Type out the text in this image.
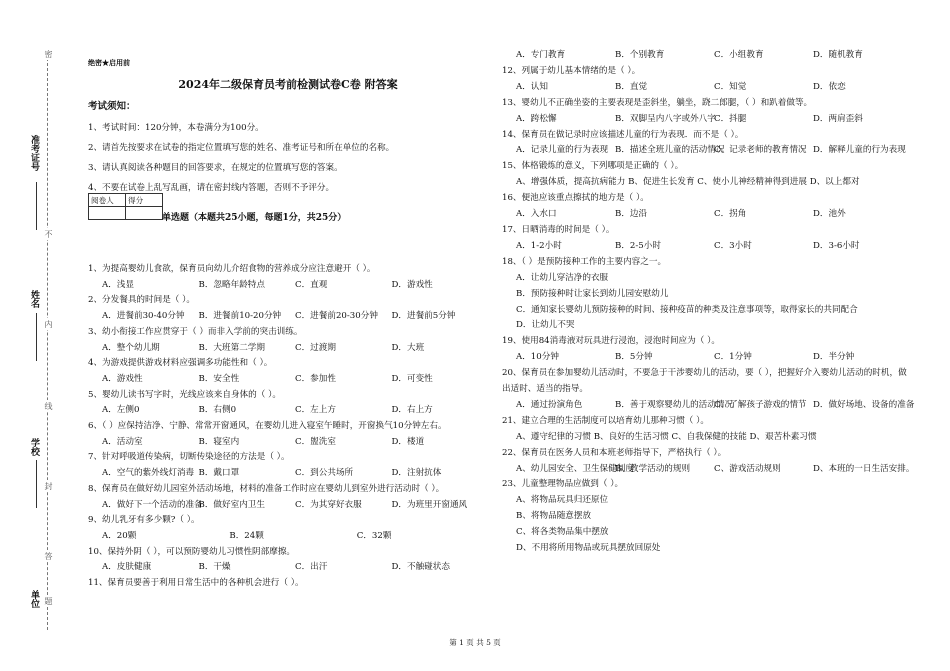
准考证号
姓名
学校
单位
密
不
内
线
封
题
答
绝密★启用前
2024年二级保育员考前检测试卷C卷 附答案
考试须知：
1、考试时间：120分钟，本卷满分为100分。
2、请首先按要求在试卷的指定位置填写您的姓名、准考证号和所在单位的名称。
3、请认真阅读各种题目的回答要求，在规定的位置填写您的答案。
4、不要在试卷上乱写乱画，请在密封线内答题，否则不予评分。
阅卷人	得分

单选题（本题共25小题，每题1分，共25分）
1、为提高婴幼儿食欲，保育员向幼儿介绍食物的营养成分应注意避开（ ）。
A．浅显	B．忽略年龄特点	C．直观	D．游戏性
2、分发餐具的时间是（ ）。
A．进餐前30-40分钟 B．进餐前10-20分钟 C．进餐前20-30分钟 D．进餐前5分钟
3、幼小衔接工作应贯穿于（ ）而非入学前的突击训练。
A．整个幼儿期	B．大班第二学期	C．过渡期	D．大班
4、为游戏提供游戏材料应强调多功能性和（ ）。
A．游戏性	B．安全性	C．参加性	D．可变性
5、婴幼儿读书写字时，光线应该来自身体的（ ）。
A．左侧0	B．右侧0	C．左上方	D．右上方
6、（ ）应保持洁净、宁静、常常开窗通风，在婴幼儿进入寝室午睡时，开窗换气10分钟左右。
A．活动室	B．寝室内	C．盥洗室	D．楼道
7、针对呼吸道传染病，切断传染途径的方法是（ ）。
A．空气的紫外线灯消毒 B．戴口罩	C．到公共场所	D．注射抗体
8、保育员在做好幼儿园室外活动场地，材料的准备工作时应在婴幼儿到室外进行活动时（ ）。
A．做好下一个活动的准备B．做好室内卫生	C．为其穿好衣服	D．为班里开窗通风
9、幼儿乳牙有多少颗?（ ）。
A．20颗	B．24颗	C．32颗
10、保持外阴（ ），可以预防婴幼儿习惯性阴部摩擦。
A．皮肤健康	B．干燥	C．出汗	D．不触碰状态
11、保育员要善于利用日常生活中的各种机会进行（ ）。
A．专门教育	B．个别教育	C．小组教育	D．随机教育
12、列属于幼儿基本情绪的是（ ）。
A．认知	B．直觉	C．知觉	D．依恋
13、婴幼儿不正确坐姿的主要表现是歪斜坐，躺坐，跷二郎腿，（ ）和趴着做等。
A．跨松懈	B．双脚呈内八字或外八字C．抖腿	D．两肩歪斜
14、保育员在做记录时应该描述儿童的行为表现．而不是（ ）。
A．记录儿童的行为表现 B．描述全班儿童的活动情况C．记录老师的教育情况 D．解释儿童的行为表现
15、体格锻炼的意义，下列哪项是正确的（ ）。
A、增强体质，提高抗病能力 B、促进生长发育 C、使小儿神经精神得到进展 D、以上都对
16、便池应该重点擦拭的地方是（ ）。
A．入水口	B．边沿	C．拐角	D．池外
17、日晒消毒的时间是（ ）。
A．1-2小时	B．2-5小时	C．3小时	D．3-6小时
18、（ ）是预防接种工作的主要内容之一。
A．让幼儿穿洁净的衣服
B．预防接种时让家长到幼儿园安慰幼儿
C．通知家长婴幼儿预防接种的时间、接种疫苗的种类及注意事项等，取得家长的共同配合
D．让幼儿不哭
19、使用84消毒液对玩具进行浸泡，浸泡时间应为（ ）。
A．10分钟	B．5分钟	C．1分钟	D．半分钟
20、保育员在参加婴幼儿活动时，不要急于干涉婴幼儿的活动，要（ ），把握好介入婴幼儿活动的时机，做出适时、适当的指导。
A．通过扮演角色	B．善于观察婴幼儿的活动情况C．了解孩子游戏的情节 D．做好场地、设备的准备
21、建立合理的生活制度可以培育幼儿那种习惯（ ）。
A、遵守纪律的习惯 B、良好的生活习惯 C、自我保健的技能 D、艰苦朴素习惯
22、保育员在医务人员和本班老师指导下，严格执行（ ）。
A、幼儿园安全、卫生保健制度B、教学活动的规则	C、游戏活动规则	D、本班的一日生活安排。
23、儿童整理物品应做到（ ）。
A、将物品玩具归还原位
B、将物品随意摆放
C、将各类物品集中摆放
D、不用将所用物品或玩具摆放回原处
第 1 页 共 5 页
